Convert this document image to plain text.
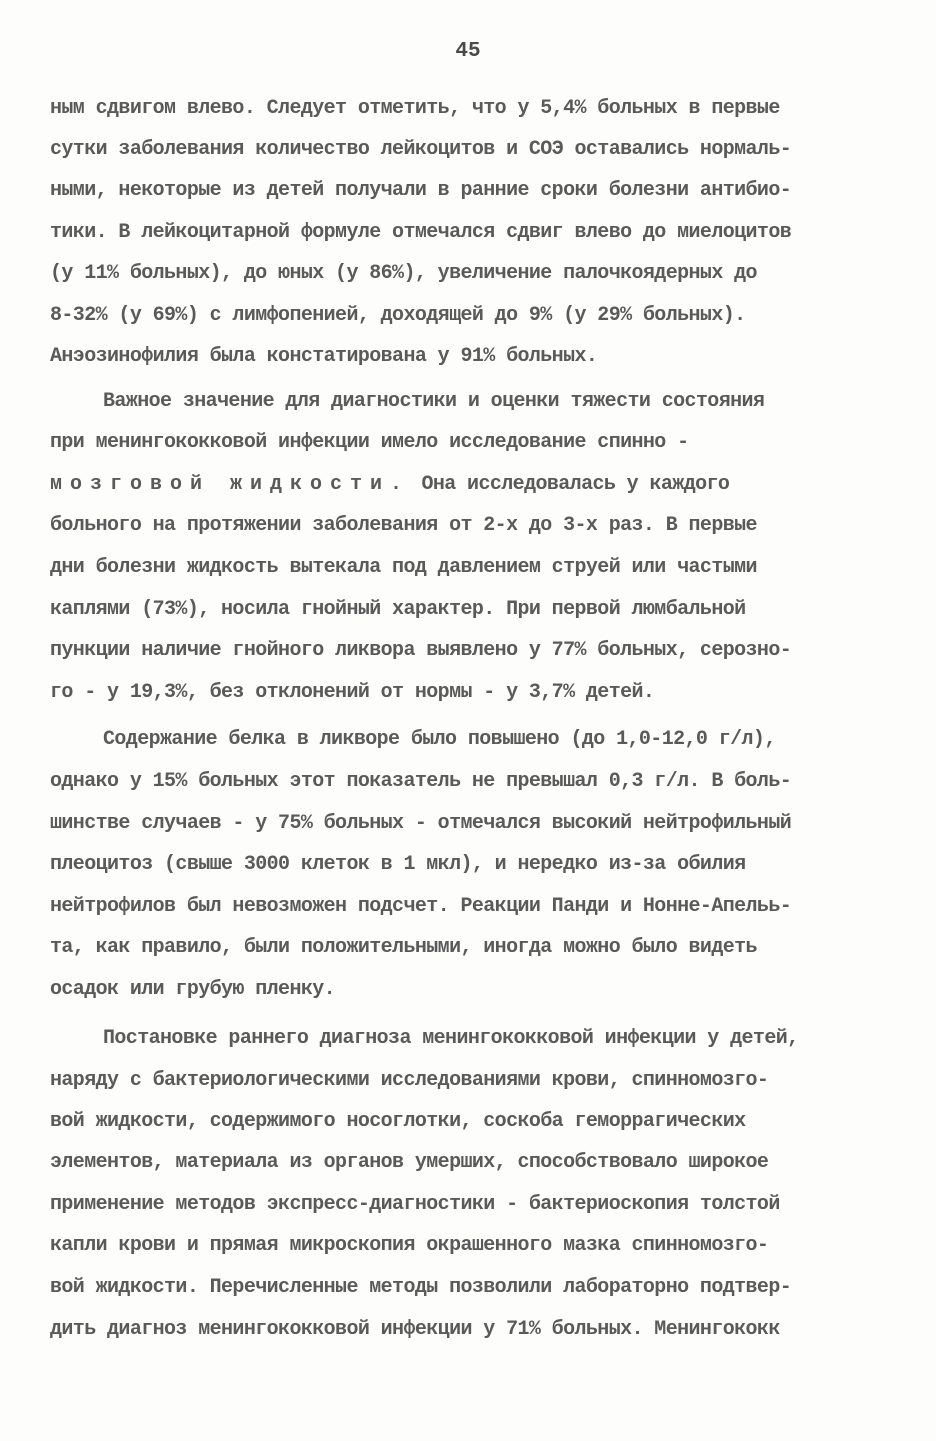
45
ным сдвигом влево. Следует отметить, что у 5,4% больных в первые
сутки заболевания количество лейкоцитов и СОЭ оставались нормаль-
ными, некоторые из детей получали в ранние сроки болезни антибио-
тики. В лейкоцитарной формуле отмечался сдвиг влево до миелоцитов
(у 11% больных), до юных (у 86%), увеличение палочкоядерных до
8-32% (у 69%) с лимфопенией, доходящей до 9% (у 29% больных).
Анэозинофилия была констатирована у 91% больных.
Важное значение для диагностики и оценки тяжести состояния
при менингококковой инфекции имело исследование спинно -
мозговой жидкости. Она исследовалась у каждого
больного на протяжении заболевания от 2-х до 3-х раз. В первые
дни болезни жидкость вытекала под давлением струей или частыми
каплями (73%), носила гнойный характер. При первой люмбальной
пункции наличие гнойного ликвора выявлено у 77% больных, серозно-
го - у 19,3%, без отклонений от нормы - у 3,7% детей.
Содержание белка в ликворе было повышено (до 1,0-12,0 г/л),
однако у 15% больных этот показатель не превышал 0,3 г/л. В боль-
шинстве случаев - у 75% больных - отмечался высокий нейтрофильный
плеоцитоз (свыше 3000 клеток в 1 мкл), и нередко из-за обилия
нейтрофилов был невозможен подсчет. Реакции Панди и Нонне-Апельь-
та, как правило, были положительными, иногда можно было видеть
осадок или грубую пленку.
Постановке раннего диагноза менингококковой инфекции у детей,
наряду с бактериологическими исследованиями крови, спинномозго-
вой жидкости, содержимого носоглотки, соскоба геморрагических
элементов, материала из органов умерших, способствовало широкое
применение методов экспресс-диагностики - бактериоскопия толстой
капли крови и прямая микроскопия окрашенного мазка спинномозго-
вой жидкости. Перечисленные методы позволили лабораторно подтвер-
дить диагноз менингококковой инфекции у 71% больных. Менингококк
